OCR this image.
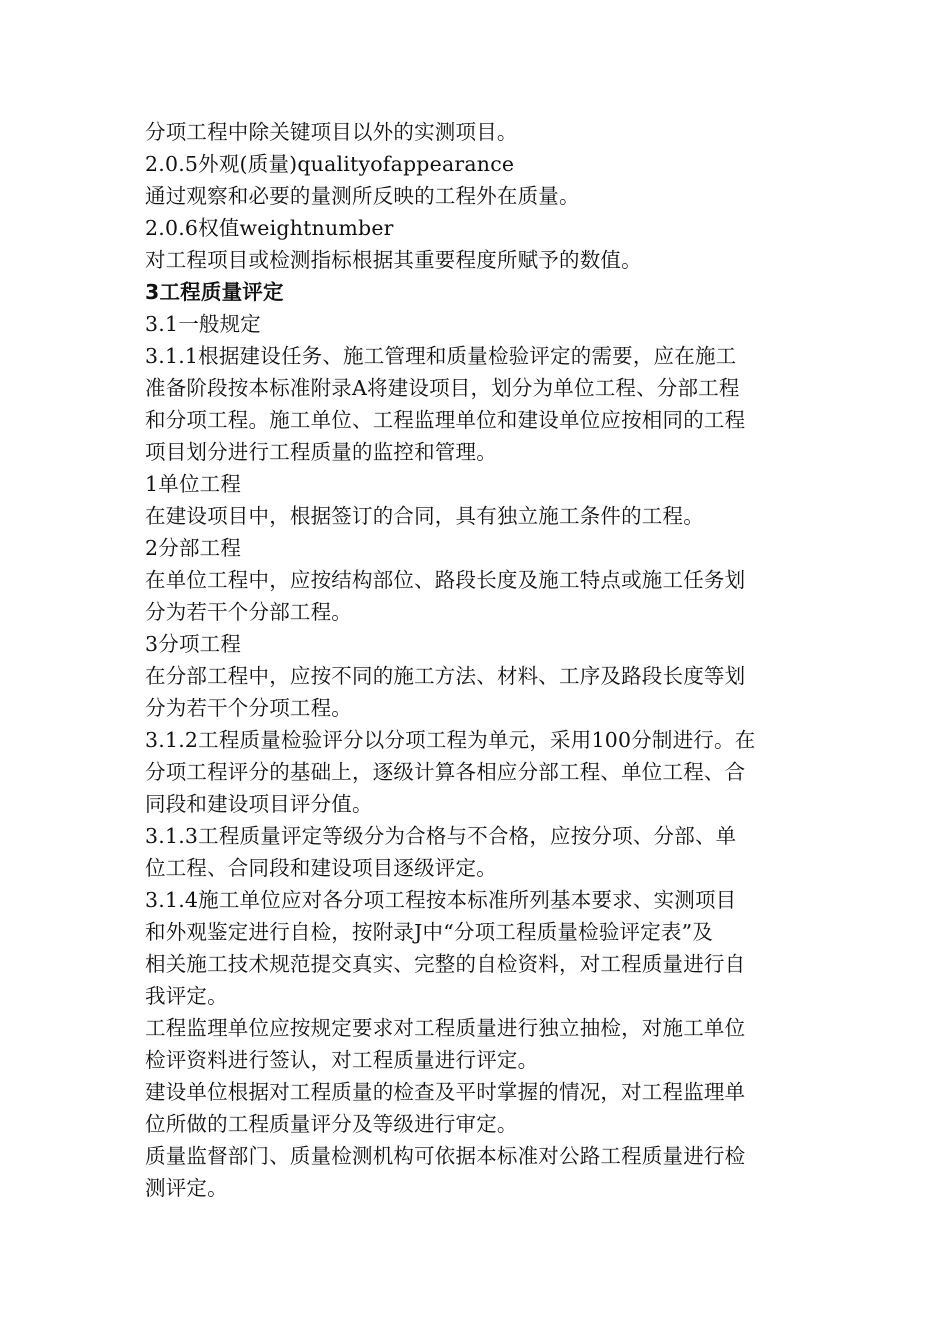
分项工程中除关键项目以外的实测项目。

2.0.5外观(质量)qualityofappearance

通过观察和必要的量测所反映的工程外在质量。

2.0.6权值weightnumber

对工程项目或检测指标根据其重要程度所赋予的数值。

3工程质量评定

3.1一般规定

3.1.1根据建设任务、施工管理和质量检验评定的需要，应在施工

准备阶段按本标准附录A将建设项目，划分为单位工程、分部工程

和分项工程。施工单位、工程监理单位和建设单位应按相同的工程

项目划分进行工程质量的监控和管理。

1单位工程

在建设项目中，根据签订的合同，具有独立施工条件的工程。

2分部工程

在单位工程中，应按结构部位、路段长度及施工特点或施工任务划

分为若干个分部工程。

3分项工程

在分部工程中，应按不同的施工方法、材料、工序及路段长度等划

分为若干个分项工程。

3.1.2工程质量检验评分以分项工程为单元，采用100分制进行。在

分项工程评分的基础上，逐级计算各相应分部工程、单位工程、合

同段和建设项目评分值。

3.1.3工程质量评定等级分为合格与不合格，应按分项、分部、单

位工程、合同段和建设项目逐级评定。

3.1.4施工单位应对各分项工程按本标准所列基本要求、实测项目

和外观鉴定进行自检，按附录J中“分项工程质量检验评定表”及

相关施工技术规范提交真实、完整的自检资料，对工程质量进行自

我评定。

工程监理单位应按规定要求对工程质量进行独立抽检，对施工单位

检评资料进行签认，对工程质量进行评定。

建设单位根据对工程质量的检查及平时掌握的情况，对工程监理单

位所做的工程质量评分及等级进行审定。

质量监督部门、质量检测机构可依据本标准对公路工程质量进行检

测评定。
